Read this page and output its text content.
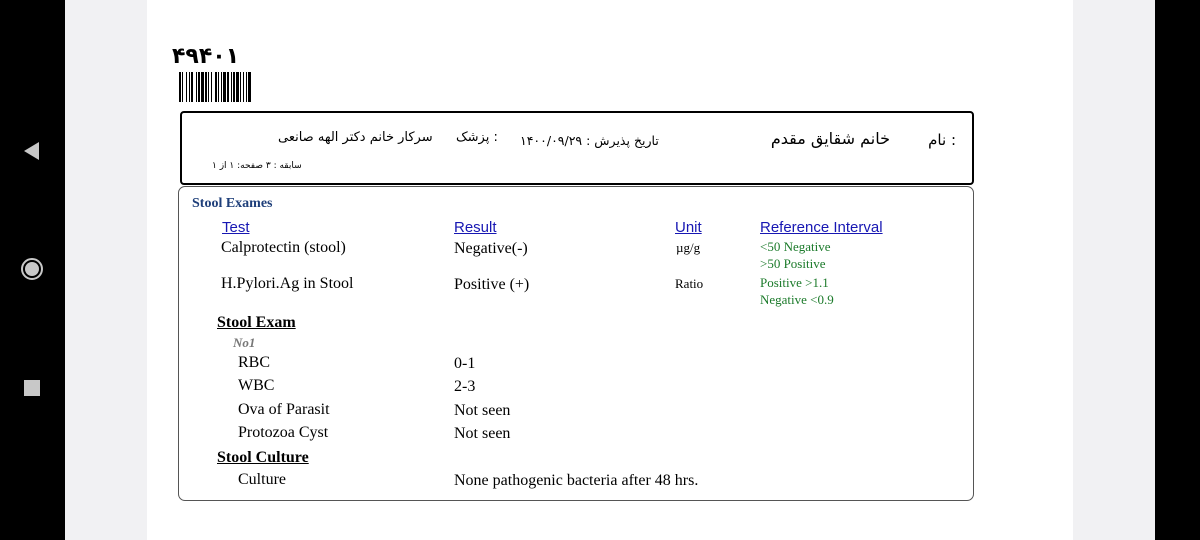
۴۹۴۰۱
نام :
خانم شقایق مقدم
تاریخ پذیرش : ۱۴۰۰/۰۹/۲۹
پزشک :
سرکار خانم دکتر الهه صانعی
سابقه : ۳ صفحه: ۱ از ۱
Stool Exames
Test	Result	Unit	Reference Interval
Calprotectin (stool)	Negative(-)	µg/g	<50 Negative
>50 Positive
H.Pylori.Ag in Stool	Positive (+)	Ratio	Positive >1.1
Negative <0.9
Stool Exam
No1
RBC	0-1
WBC	2-3
Ova of Parasit	Not seen
Protozoa Cyst	Not seen
Stool Culture
Culture	None pathogenic bacteria after 48 hrs.
